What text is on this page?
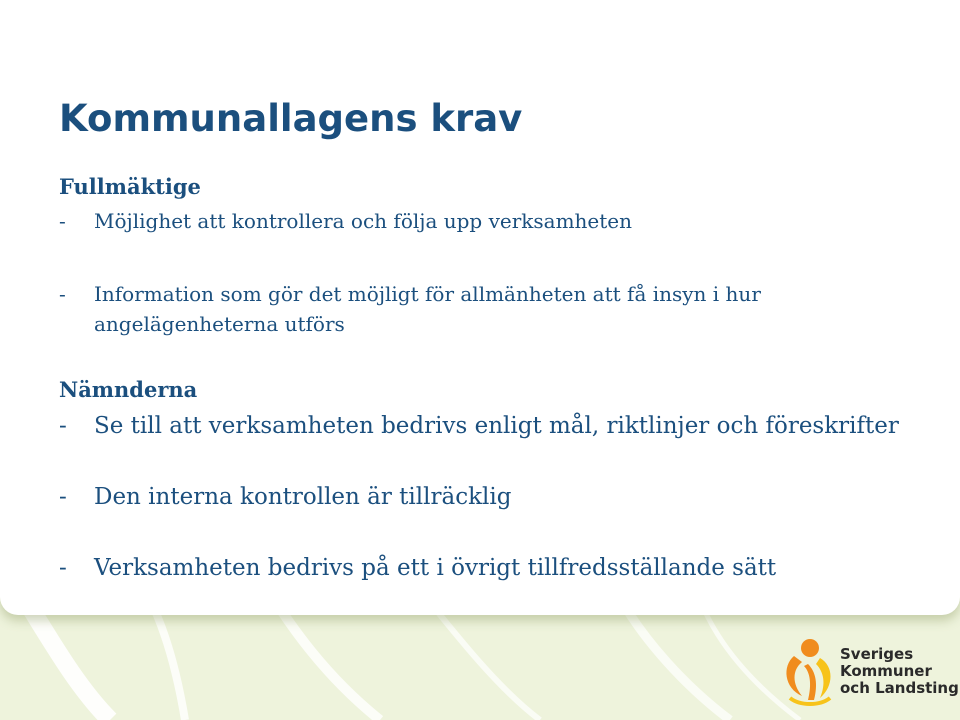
Kommunallagens krav
Fullmäktige
- Möjlighet att kontrollera och följa upp verksamheten
- Information som gör det möjligt för allmänheten att få insyn i hur
angelägenheterna utförs
Nämnderna
- Se till att verksamheten bedrivs enligt mål, riktlinjer och föreskrifter
- Den interna kontrollen är tillräcklig
- Verksamheten bedrivs på ett i övrigt tillfredsställande sätt
Sveriges
Kommuner
och Landsting
